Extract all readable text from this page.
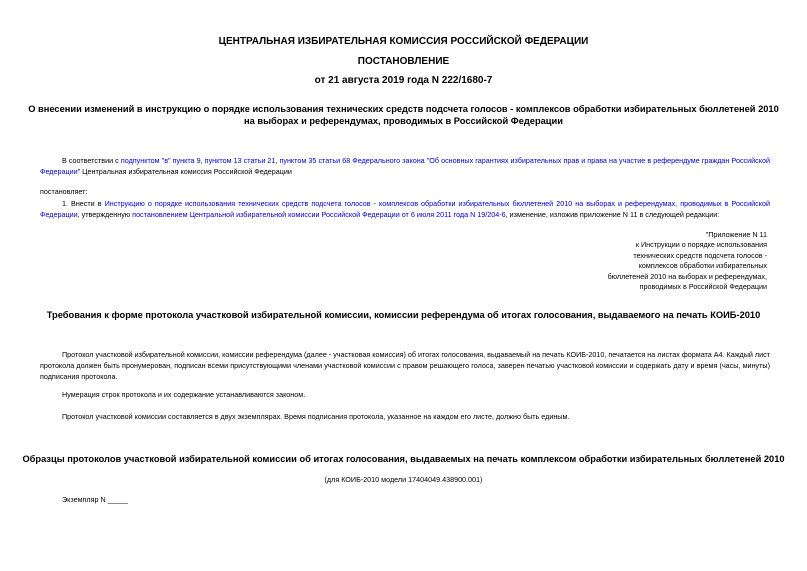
ЦЕНТРАЛЬНАЯ ИЗБИРАТЕЛЬНАЯ КОМИССИЯ РОССИЙСКОЙ ФЕДЕРАЦИИ
ПОСТАНОВЛЕНИЕ
от 21 августа 2019 года N 222/1680-7
О внесении изменений в инструкцию о порядке использования технических средств подсчета голосов - комплексов обработки избирательных бюллетеней 2010
на выборах и референдумах, проводимых в Российской Федерации
В соответствии с подпунктом "в" пункта 9, пунктом 13 статьи 21, пунктом 35 статьи 68 Федерального закона "Об основных гарантиях избирательных прав и права на участие в референдуме граждан Российской Федерации" Центральная избирательная комиссия Российской Федерации
постановляет:
1. Внести в Инструкцию о порядке использования технических средств подсчета голосов - комплексов обработки избирательных бюллетеней 2010 на выборах и референдумах, проводимых в Российской Федерации, утвержденную постановлением Центральной избирательной комиссии Российской Федерации от 6 июля 2011 года N 19/204-6, изменение, изложив приложение N 11 в следующей редакции:
"Приложение N 11
к Инструкции о порядке использования
технических средств подсчета голосов -
комплексов обработки избирательных
бюллетеней 2010 на выборах и референдумах,
проводимых в Российской Федерации
Требования к форме протокола участковой избирательной комиссии, комиссии референдума об итогах голосования, выдаваемого на печать КОИБ-2010
Протокол участковой избирательной комиссии, комиссии референдума (далее - участковая комиссия) об итогах голосования, выдаваемый на печать КОИБ-2010, печатается на листах формата А4. Каждый лист протокола должен быть пронумерован, подписан всеми присутствующими членами участковой комиссии с правом решающего голоса, заверен печатью участковой комиссии и содержать дату и время (часы, минуты) подписания протокола.
Нумерация строк протокола и их содержание устанавливаются законом.
Протокол участковой комиссии составляется в двух экземплярах. Время подписания протокола, указанное на каждом его листе, должно быть единым.
Образцы протоколов участковой избирательной комиссии об итогах голосования, выдаваемых на печать комплексом обработки избирательных бюллетеней 2010
(для КОИБ-2010 модели 17404049.438900.001)
Экземпляр N _____
